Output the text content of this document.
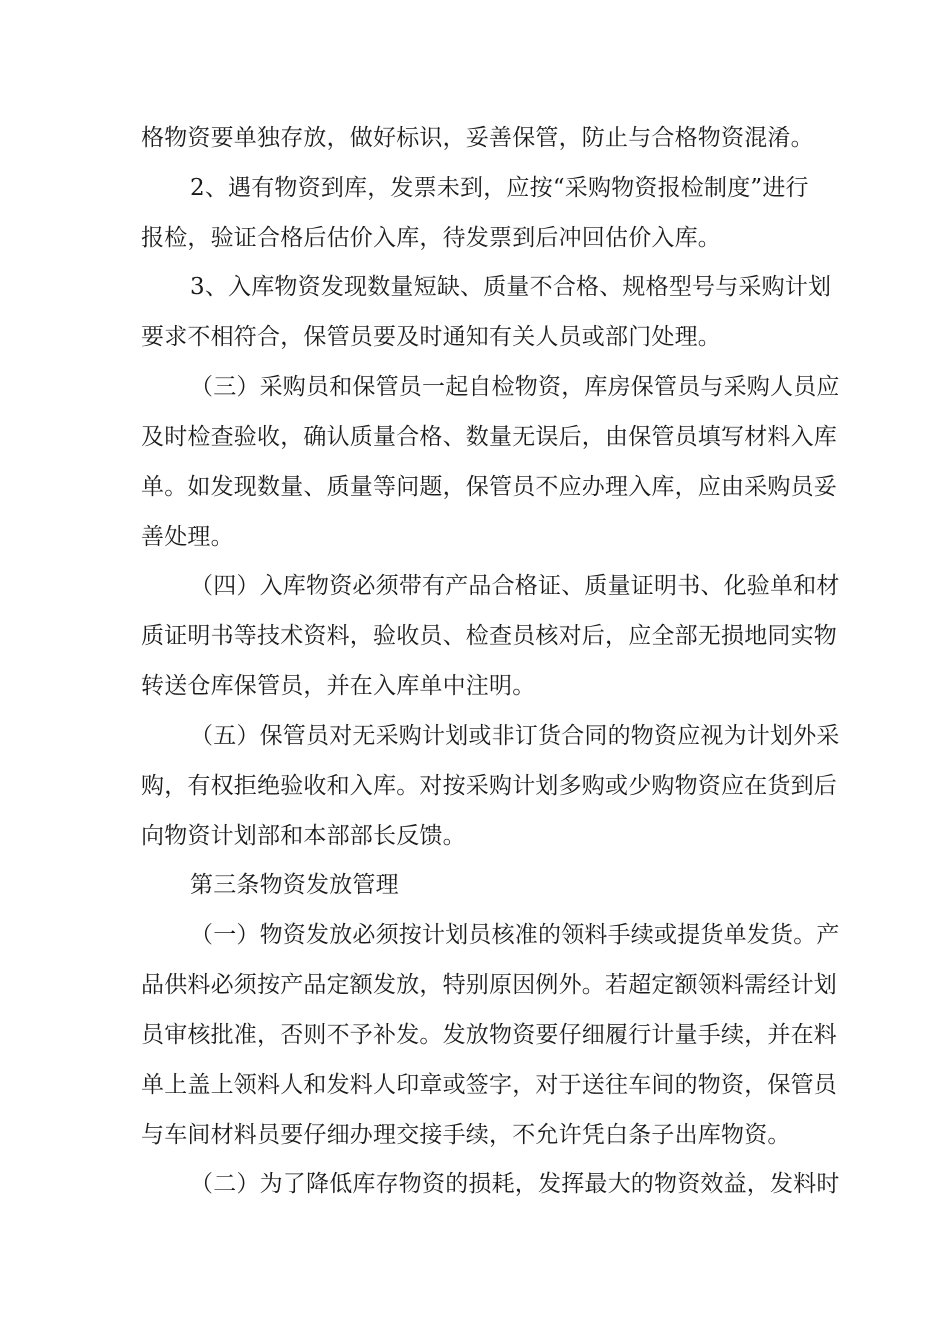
格物资要单独存放，做好标识，妥善保管，防止与合格物资混淆。
2、遇有物资到库，发票未到，应按“采购物资报检制度”进行
报检，验证合格后估价入库，待发票到后冲回估价入库。
3、入库物资发现数量短缺、质量不合格、规格型号与采购计划
要求不相符合，保管员要及时通知有关人员或部门处理。
（三）采购员和保管员一起自检物资，库房保管员与采购人员应
及时检查验收，确认质量合格、数量无误后，由保管员填写材料入库
单。如发现数量、质量等问题，保管员不应办理入库，应由采购员妥
善处理。
（四）入库物资必须带有产品合格证、质量证明书、化验单和材
质证明书等技术资料，验收员、检查员核对后，应全部无损地同实物
转送仓库保管员，并在入库单中注明。
（五）保管员对无采购计划或非订货合同的物资应视为计划外采
购，有权拒绝验收和入库。对按采购计划多购或少购物资应在货到后
向物资计划部和本部部长反馈。
第三条物资发放管理
（一）物资发放必须按计划员核准的领料手续或提货单发货。产
品供料必须按产品定额发放，特别原因例外。若超定额领料需经计划
员审核批准，否则不予补发。发放物资要仔细履行计量手续，并在料
单上盖上领料人和发料人印章或签字，对于送往车间的物资，保管员
与车间材料员要仔细办理交接手续，不允许凭白条子出库物资。
（二）为了降低库存物资的损耗，发挥最大的物资效益，发料时
